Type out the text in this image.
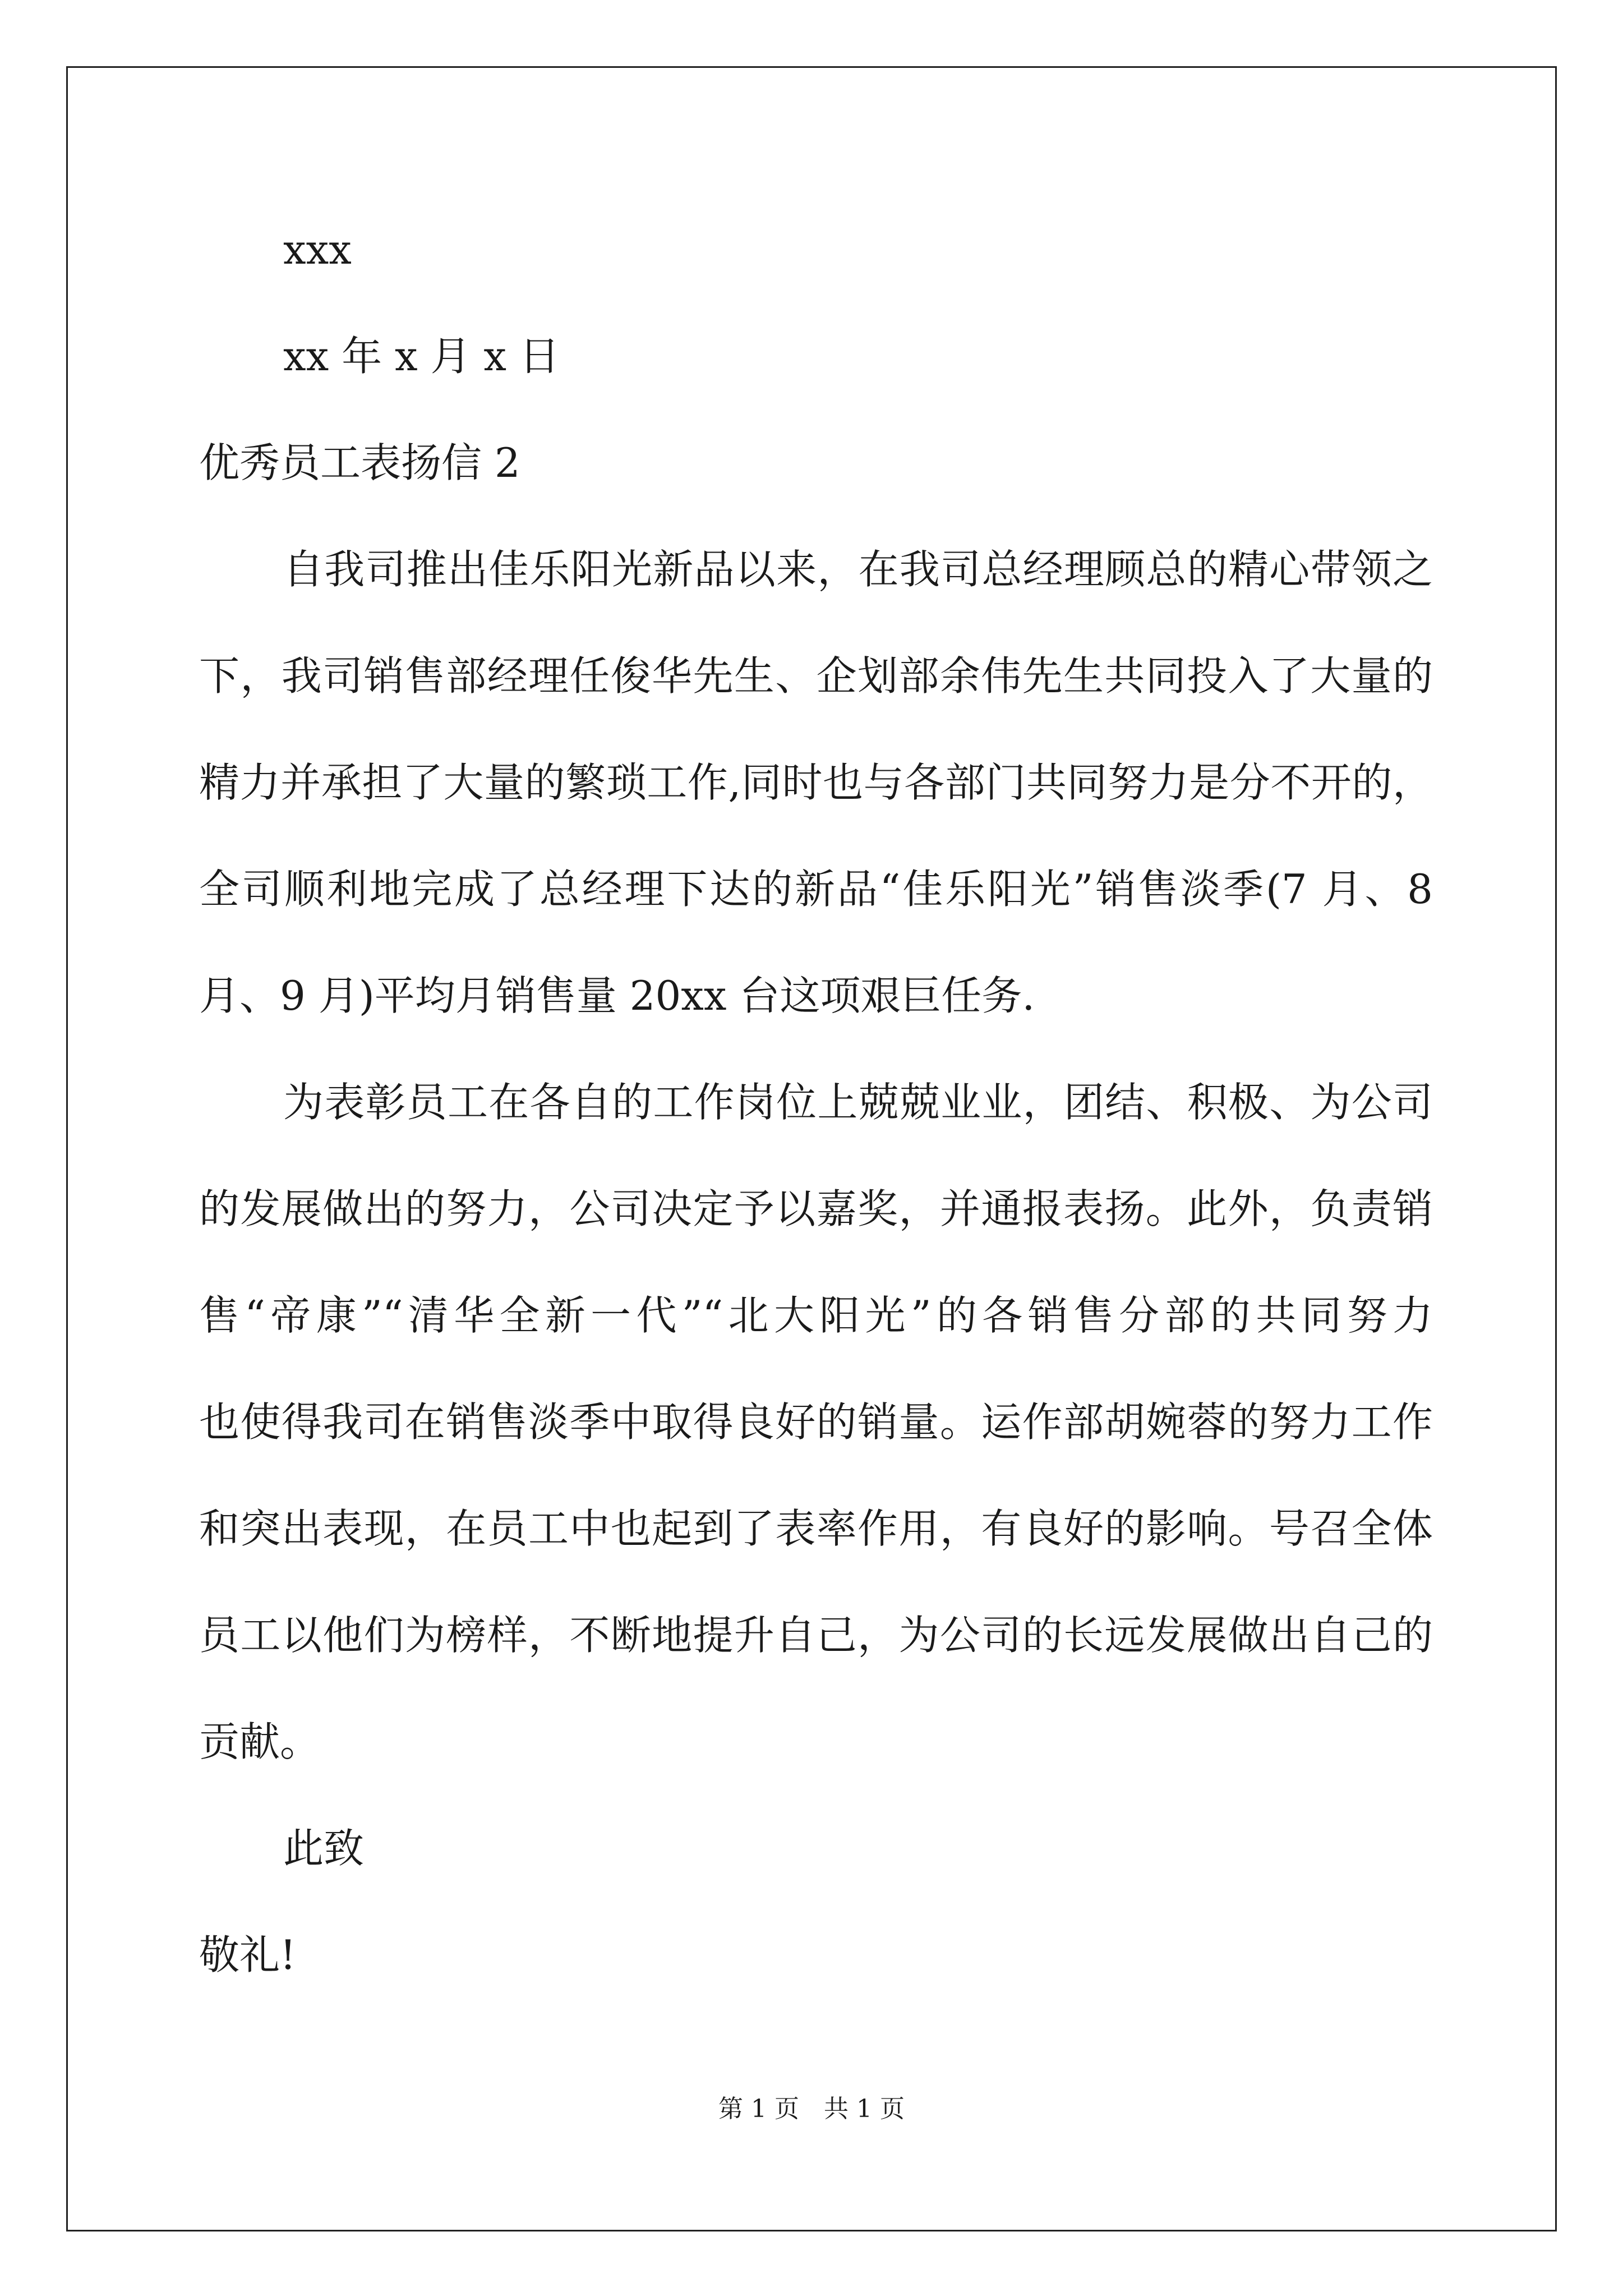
xxx
xx 年 x 月 x 日
优秀员工表扬信 2
自我司推出佳乐阳光新品以来，在我司总经理顾总的精心带领之
下，我司销售部经理任俊华先生、企划部余伟先生共同投入了大量的
精力并承担了大量的繁琐工作,同时也与各部门共同努力是分不开的，
全司顺利地完成了总经理下达的新品“佳乐阳光”销售淡季(7 月、8
月、9 月)平均月销售量 20xx 台这项艰巨任务.
为表彰员工在各自的工作岗位上兢兢业业，团结、积极、为公司
的发展做出的努力，公司决定予以嘉奖，并通报表扬。此外，负责销
售“帝康”“清华全新一代”“北大阳光”的各销售分部的共同努力
也使得我司在销售淡季中取得良好的销量。运作部胡婉蓉的努力工作
和突出表现，在员工中也起到了表率作用，有良好的影响。号召全体
员工以他们为榜样，不断地提升自己，为公司的长远发展做出自己的
贡献。
此致
敬礼!
第 1 页　共 1 页
